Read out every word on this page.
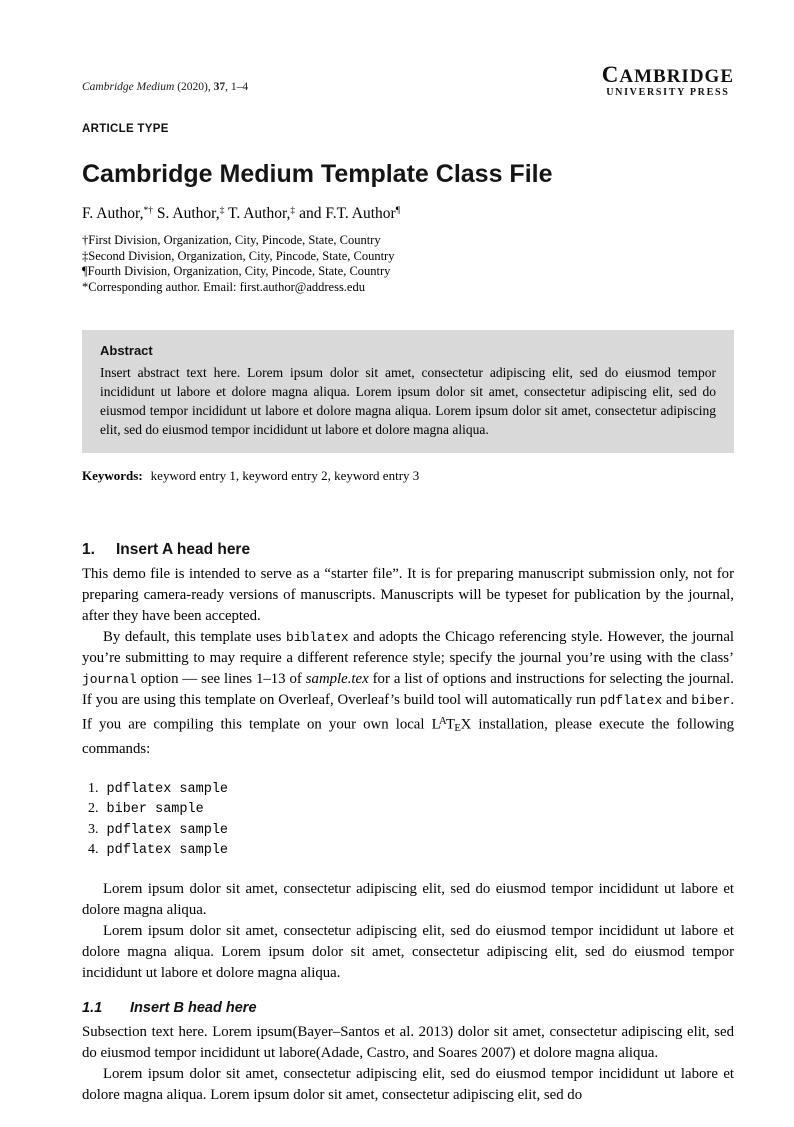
Cambridge Medium (2020), 37, 1–4	CAMBRIDGE
UNIVERSITY PRESS
ARTICLE TYPE
Cambridge Medium Template Class File
F. Author,*† S. Author,‡ T. Author,‡ and F.T. Author¶
†First Division, Organization, City, Pincode, State, Country
‡Second Division, Organization, City, Pincode, State, Country
¶Fourth Division, Organization, City, Pincode, State, Country
*Corresponding author. Email: first.author@address.edu
Abstract
Insert abstract text here. Lorem ipsum dolor sit amet, consectetur adipiscing elit, sed do eiusmod tempor incididunt ut labore et dolore magna aliqua. Lorem ipsum dolor sit amet, consectetur adipiscing elit, sed do eiusmod tempor incididunt ut labore et dolore magna aliqua. Lorem ipsum dolor sit amet, consectetur adipiscing elit, sed do eiusmod tempor incididunt ut labore et dolore magna aliqua.
Keywords: keyword entry 1, keyword entry 2, keyword entry 3
1. Insert A head here

This demo file is intended to serve as a “starter file”. It is for preparing manuscript submission only, not for preparing camera-ready versions of manuscripts. Manuscripts will be typeset for publication by the journal, after they have been accepted.

By default, this template uses biblatex and adopts the Chicago referencing style. However, the journal you’re submitting to may require a different reference style; specify the journal you’re using with the class’ journal option — see lines 1–13 of sample.tex for a list of options and instructions for selecting the journal. If you are using this template on Overleaf, Overleaf’s build tool will automatically run pdflatex and biber. If you are compiling this template on your own local $L^ATEX$ installation, please execute the following commands:

1. pdflatex sample
2. biber sample
3. pdflatex sample
4. pdflatex sample

Lorem ipsum dolor sit amet, consectetur adipiscing elit, sed do eiusmod tempor incididunt ut labore et dolore magna aliqua.

Lorem ipsum dolor sit amet, consectetur adipiscing elit, sed do eiusmod tempor incididunt ut labore et dolore magna aliqua. Lorem ipsum dolor sit amet, consectetur adipiscing elit, sed do eiusmod tempor incididunt ut labore et dolore magna aliqua.

1.1 Insert B head here

Subsection text here. Lorem ipsum(Bayer–Santos et al. 2013) dolor sit amet, consectetur adipiscing elit, sed do eiusmod tempor incididunt ut labore(Adade, Castro, and Soares 2007) et dolore magna aliqua.

Lorem ipsum dolor sit amet, consectetur adipiscing elit, sed do eiusmod tempor incididunt ut labore et dolore magna aliqua. Lorem ipsum dolor sit amet, consectetur adipiscing elit, sed do
